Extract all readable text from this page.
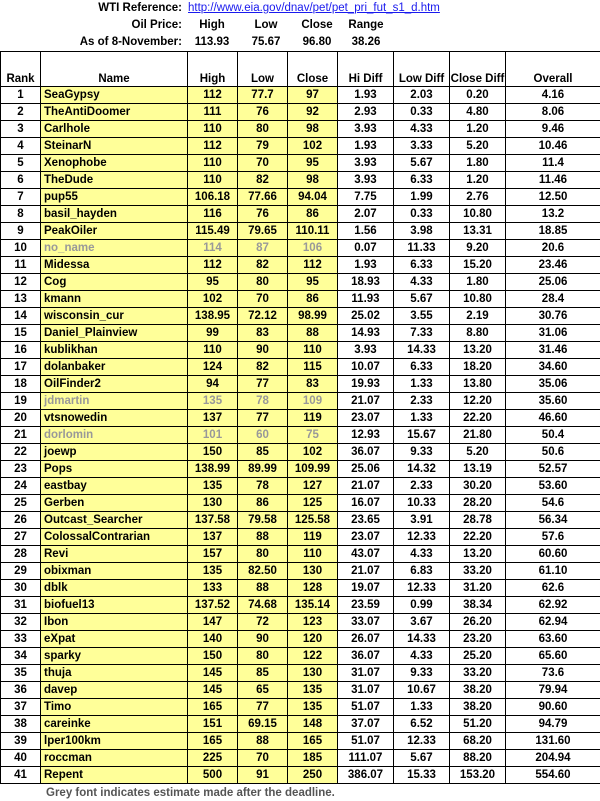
WTI Reference: http://www.eia.gov/dnav/pet/pet_pri_fut_s1_d.htm
Oil Price:	High	Low	Close	Range
As of 8-November:	113.93	75.67	96.80	38.26
Rank	Name	High	Low	Close	Hi Diff	Low Diff	Close Diff	Overall
1	SeaGypsy	112	77.7	97	1.93	2.03	0.20	4.16
2	TheAntiDoomer	111	76	92	2.93	0.33	4.80	8.06
3	Carlhole	110	80	98	3.93	4.33	1.20	9.46
4	SteinarN	112	79	102	1.93	3.33	5.20	10.46
5	Xenophobe	110	70	95	3.93	5.67	1.80	11.4
6	TheDude	110	82	98	3.93	6.33	1.20	11.46
7	pup55	106.18	77.66	94.04	7.75	1.99	2.76	12.50
8	basil_hayden	116	76	86	2.07	0.33	10.80	13.2
9	PeakOiler	115.49	79.65	110.11	1.56	3.98	13.31	18.85
10	no_name	114	87	106	0.07	11.33	9.20	20.6
11	Midessa	112	82	112	1.93	6.33	15.20	23.46
12	Cog	95	80	95	18.93	4.33	1.80	25.06
13	kmann	102	70	86	11.93	5.67	10.80	28.4
14	wisconsin_cur	138.95	72.12	98.99	25.02	3.55	2.19	30.76
15	Daniel_Plainview	99	83	88	14.93	7.33	8.80	31.06
16	kublikhan	110	90	110	3.93	14.33	13.20	31.46
17	dolanbaker	124	82	115	10.07	6.33	18.20	34.60
18	OilFinder2	94	77	83	19.93	1.33	13.80	35.06
19	jdmartin	135	78	109	21.07	2.33	12.20	35.60
20	vtsnowedin	137	77	119	23.07	1.33	22.20	46.60
21	dorlomin	101	60	75	12.93	15.67	21.80	50.4
22	joewp	150	85	102	36.07	9.33	5.20	50.6
23	Pops	138.99	89.99	109.99	25.06	14.32	13.19	52.57
24	eastbay	135	78	127	21.07	2.33	30.20	53.60
25	Gerben	130	86	125	16.07	10.33	28.20	54.6
26	Outcast_Searcher	137.58	79.58	125.58	23.65	3.91	28.78	56.34
27	ColossalContrarian	137	88	119	23.07	12.33	22.20	57.6
28	Revi	157	80	110	43.07	4.33	13.20	60.60
29	obixman	135	82.50	130	21.07	6.83	33.20	61.10
30	dblk	133	88	128	19.07	12.33	31.20	62.6
31	biofuel13	137.52	74.68	135.14	23.59	0.99	38.34	62.92
32	Ibon	147	72	123	33.07	3.67	26.20	62.94
33	eXpat	140	90	120	26.07	14.33	23.20	63.60
34	sparky	150	80	122	36.07	4.33	25.20	65.60
35	thuja	145	85	130	31.07	9.33	33.20	73.6
36	davep	145	65	135	31.07	10.67	38.20	79.94
37	Timo	165	77	135	51.07	1.33	38.20	90.60
38	careinke	151	69.15	148	37.07	6.52	51.20	94.79
39	lper100km	165	88	165	51.07	12.33	68.20	131.60
40	roccman	225	70	185	111.07	5.67	88.20	204.94
41	Repent	500	91	250	386.07	15.33	153.20	554.60
Grey font indicates estimate made after the deadline.
